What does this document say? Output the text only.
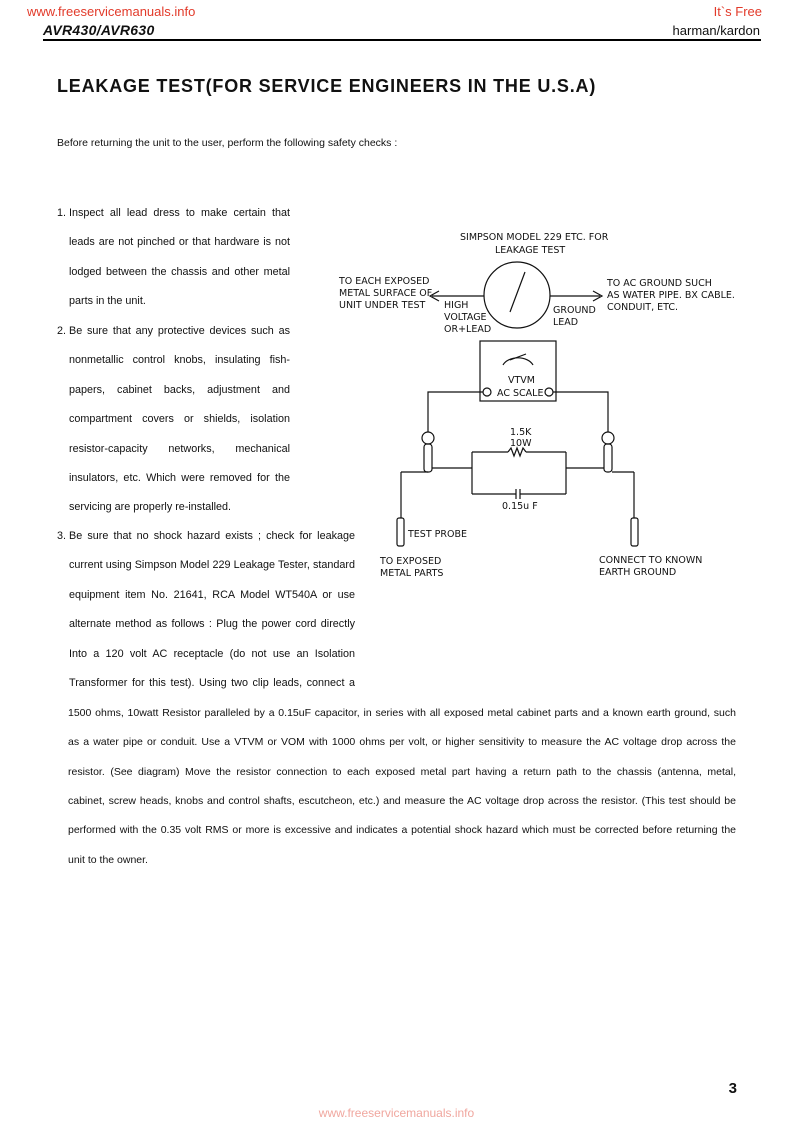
www.freeservicemanuals.info	It`s Free
AVR430/AVR630	harman/kardon
LEAKAGE TEST(FOR SERVICE ENGINEERS IN THE U.S.A)
Before returning the unit to the user, perform the following safety checks :
1. Inspect all lead dress to make certain that
leads are not pinched or that hardware is not
lodged between the chassis and other metal
parts in the unit.
2. Be sure that any protective devices such as
nonmetallic control knobs, insulating fish-
papers, cabinet backs, adjustment and
compartment covers or shields, isolation
resistor-capacity networks, mechanical
insulators, etc. Which were removed for the
servicing are properly re-installed.
3. Be sure that no shock hazard exists ; check for leakage
current using Simpson Model 229 Leakage Tester, standard
equipment item No. 21641, RCA Model WT540A or use
alternate method as follows : Plug the power cord directly
Into a 120 volt AC receptacle (do not use an Isolation
Transformer for this test). Using two clip leads, connect a
1500 ohms, 10watt Resistor paralleled by a 0.15uF capacitor, in series with all exposed metal cabinet parts and a known earth ground, such
as a water pipe or conduit. Use a VTVM or VOM with 1000 ohms per volt, or higher sensitivity to measure the AC voltage drop across the
resistor. (See diagram) Move the resistor connection to each exposed metal part having a return path to the chassis (antenna, metal,
cabinet, screw heads, knobs and control shafts, escutcheon, etc.) and measure the AC voltage drop across the resistor. (This test should be
performed with the 0.35 volt RMS or more is excessive and indicates a potential shock hazard which must be corrected before returning the
unit to the owner.
SIMPSON MODEL 229 ETC. FOR
LEAKAGE TEST
TO EACH EXPOSED
METAL SURFACE OF
UNIT UNDER TEST
TO AC GROUND SUCH
AS WATER PIPE. BX CABLE.
CONDUIT, ETC.
HIGH
VOLTAGE
OR+LEAD
GROUND
LEAD
VTVM
AC SCALE
1.5K
10W
0.15u F
TEST PROBE
TO EXPOSED
METAL PARTS
CONNECT TO KNOWN
EARTH GROUND
3
www.freeservicemanuals.info
